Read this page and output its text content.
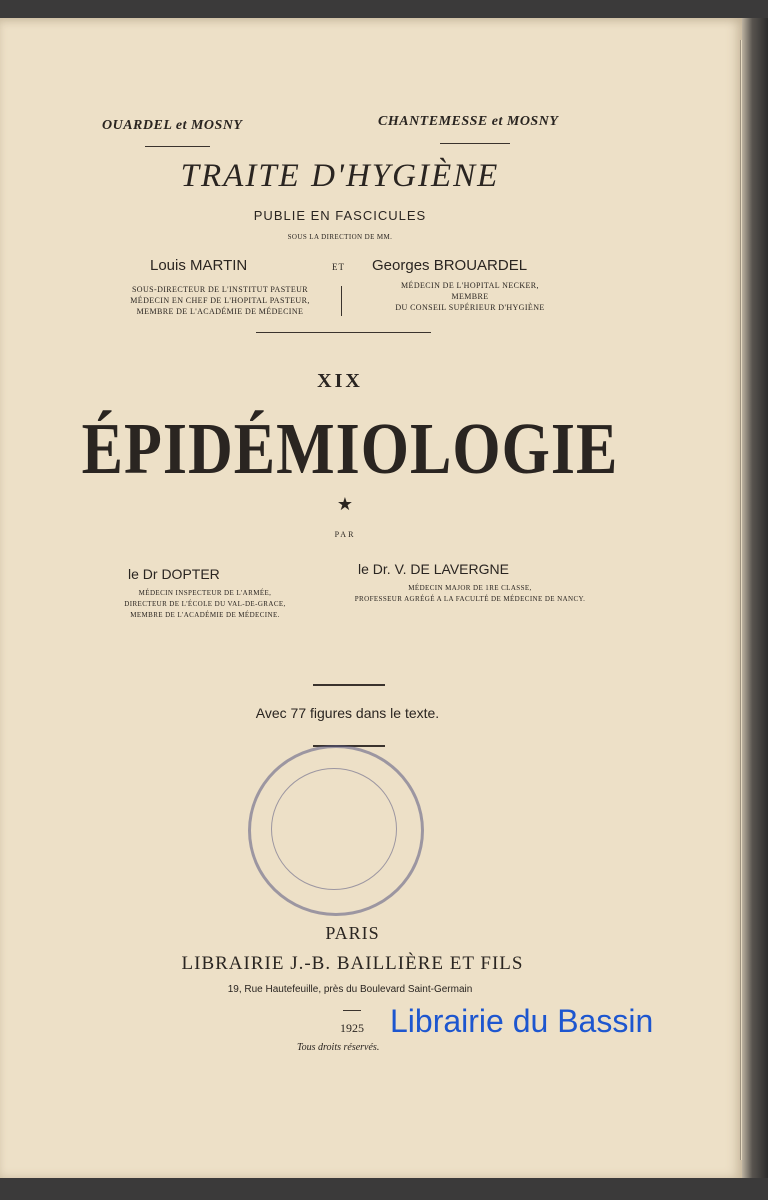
OUARDEL et MOSNY	CHANTEMESSE et MOSNY
TRAITE D'HYGIÈNE
PUBLIE EN FASCICULES
SOUS LA DIRECTION DE MM.
Louis MARTIN	ET Georges BROUARDEL
SOUS-DIRECTEUR DE L'INSTITUT PASTEUR
MÉDECIN EN CHEF DE L'HOPITAL PASTEUR,
MEMBRE DE L'ACADÉMIE DE MÉDECINE
MÉDECIN DE L'HOPITAL NECKER,
MEMBRE
DU CONSEIL SUPÉRIEUR D'HYGIÈNE
XIX
ÉPIDÉMIOLOGIE
★
PAR
le Dr DOPTER	le Dr. V. DE LAVERGNE
MÉDECIN INSPECTEUR DE L'ARMÉE,
DIRECTEUR DE L'ÉCOLE DU VAL-DE-GRACE,
MEMBRE DE L'ACADÉMIE DE MÉDECINE.
MÉDECIN MAJOR DE 1RE CLASSE,
PROFESSEUR AGRÉGÉ A LA FACULTÉ DE MÉDECINE DE NANCY.
Avec 77 figures dans le texte.
PARIS
LIBRAIRIE J.-B. BAILLIÈRE ET FILS
19, Rue Hautefeuille, près du Boulevard Saint-Germain
1925
Tous droits réservés.
Librairie du Bassin
